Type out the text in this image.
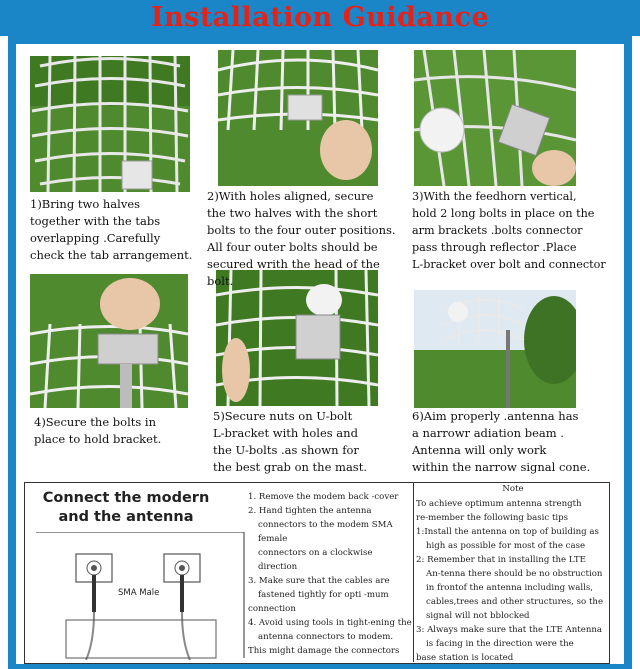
Installation Guidance
1)Bring two halves
together with the tabs
overlapping .Carefully
check the tab arrangement.
2)With holes aligned, secure
the two halves with the short
bolts to the four outer positions.
All four outer bolts should be
secured writh the head of the bolt.
3)With the feedhorn vertical,
hold 2 long bolts in place on the
arm brackets .bolts connector
pass through reflector .Place
L-bracket over bolt and connector
4)Secure the bolts in
place to hold bracket.
5)Secure nuts on U-bolt
L-bracket with holes and
the U-bolts .as shown for
the best grab on the mast.
6)Aim properly .antenna has
a narrowr adiation beam .
Antenna will only work
within the narrow signal cone.
Connect the modern
and the antenna
SMA Male
1. Remove the modem back -cover
2. Hand tighten the antenna
connectors to the modem SMA female
connectors on a clockwise direction
3. Make sure that the cables are
fastened tightly for opti -mum
connection
4. Avoid using tools in tight-ening the
antenna connectors to modem.
This might damage the connectors
Note
To achieve optimum antenna strength
re-member the following basic tips
1:Install the antenna on top of building as
high as possible for most of the case
2: Remember that in installing the LTE
An-tenna there should be no obstruction
in frontof the antenna including walls,
cables,trees and other structures, so the
signal will not bblocked
3: Always make sure that the LTE Antenna
is facing in the direction were the
base station is located
